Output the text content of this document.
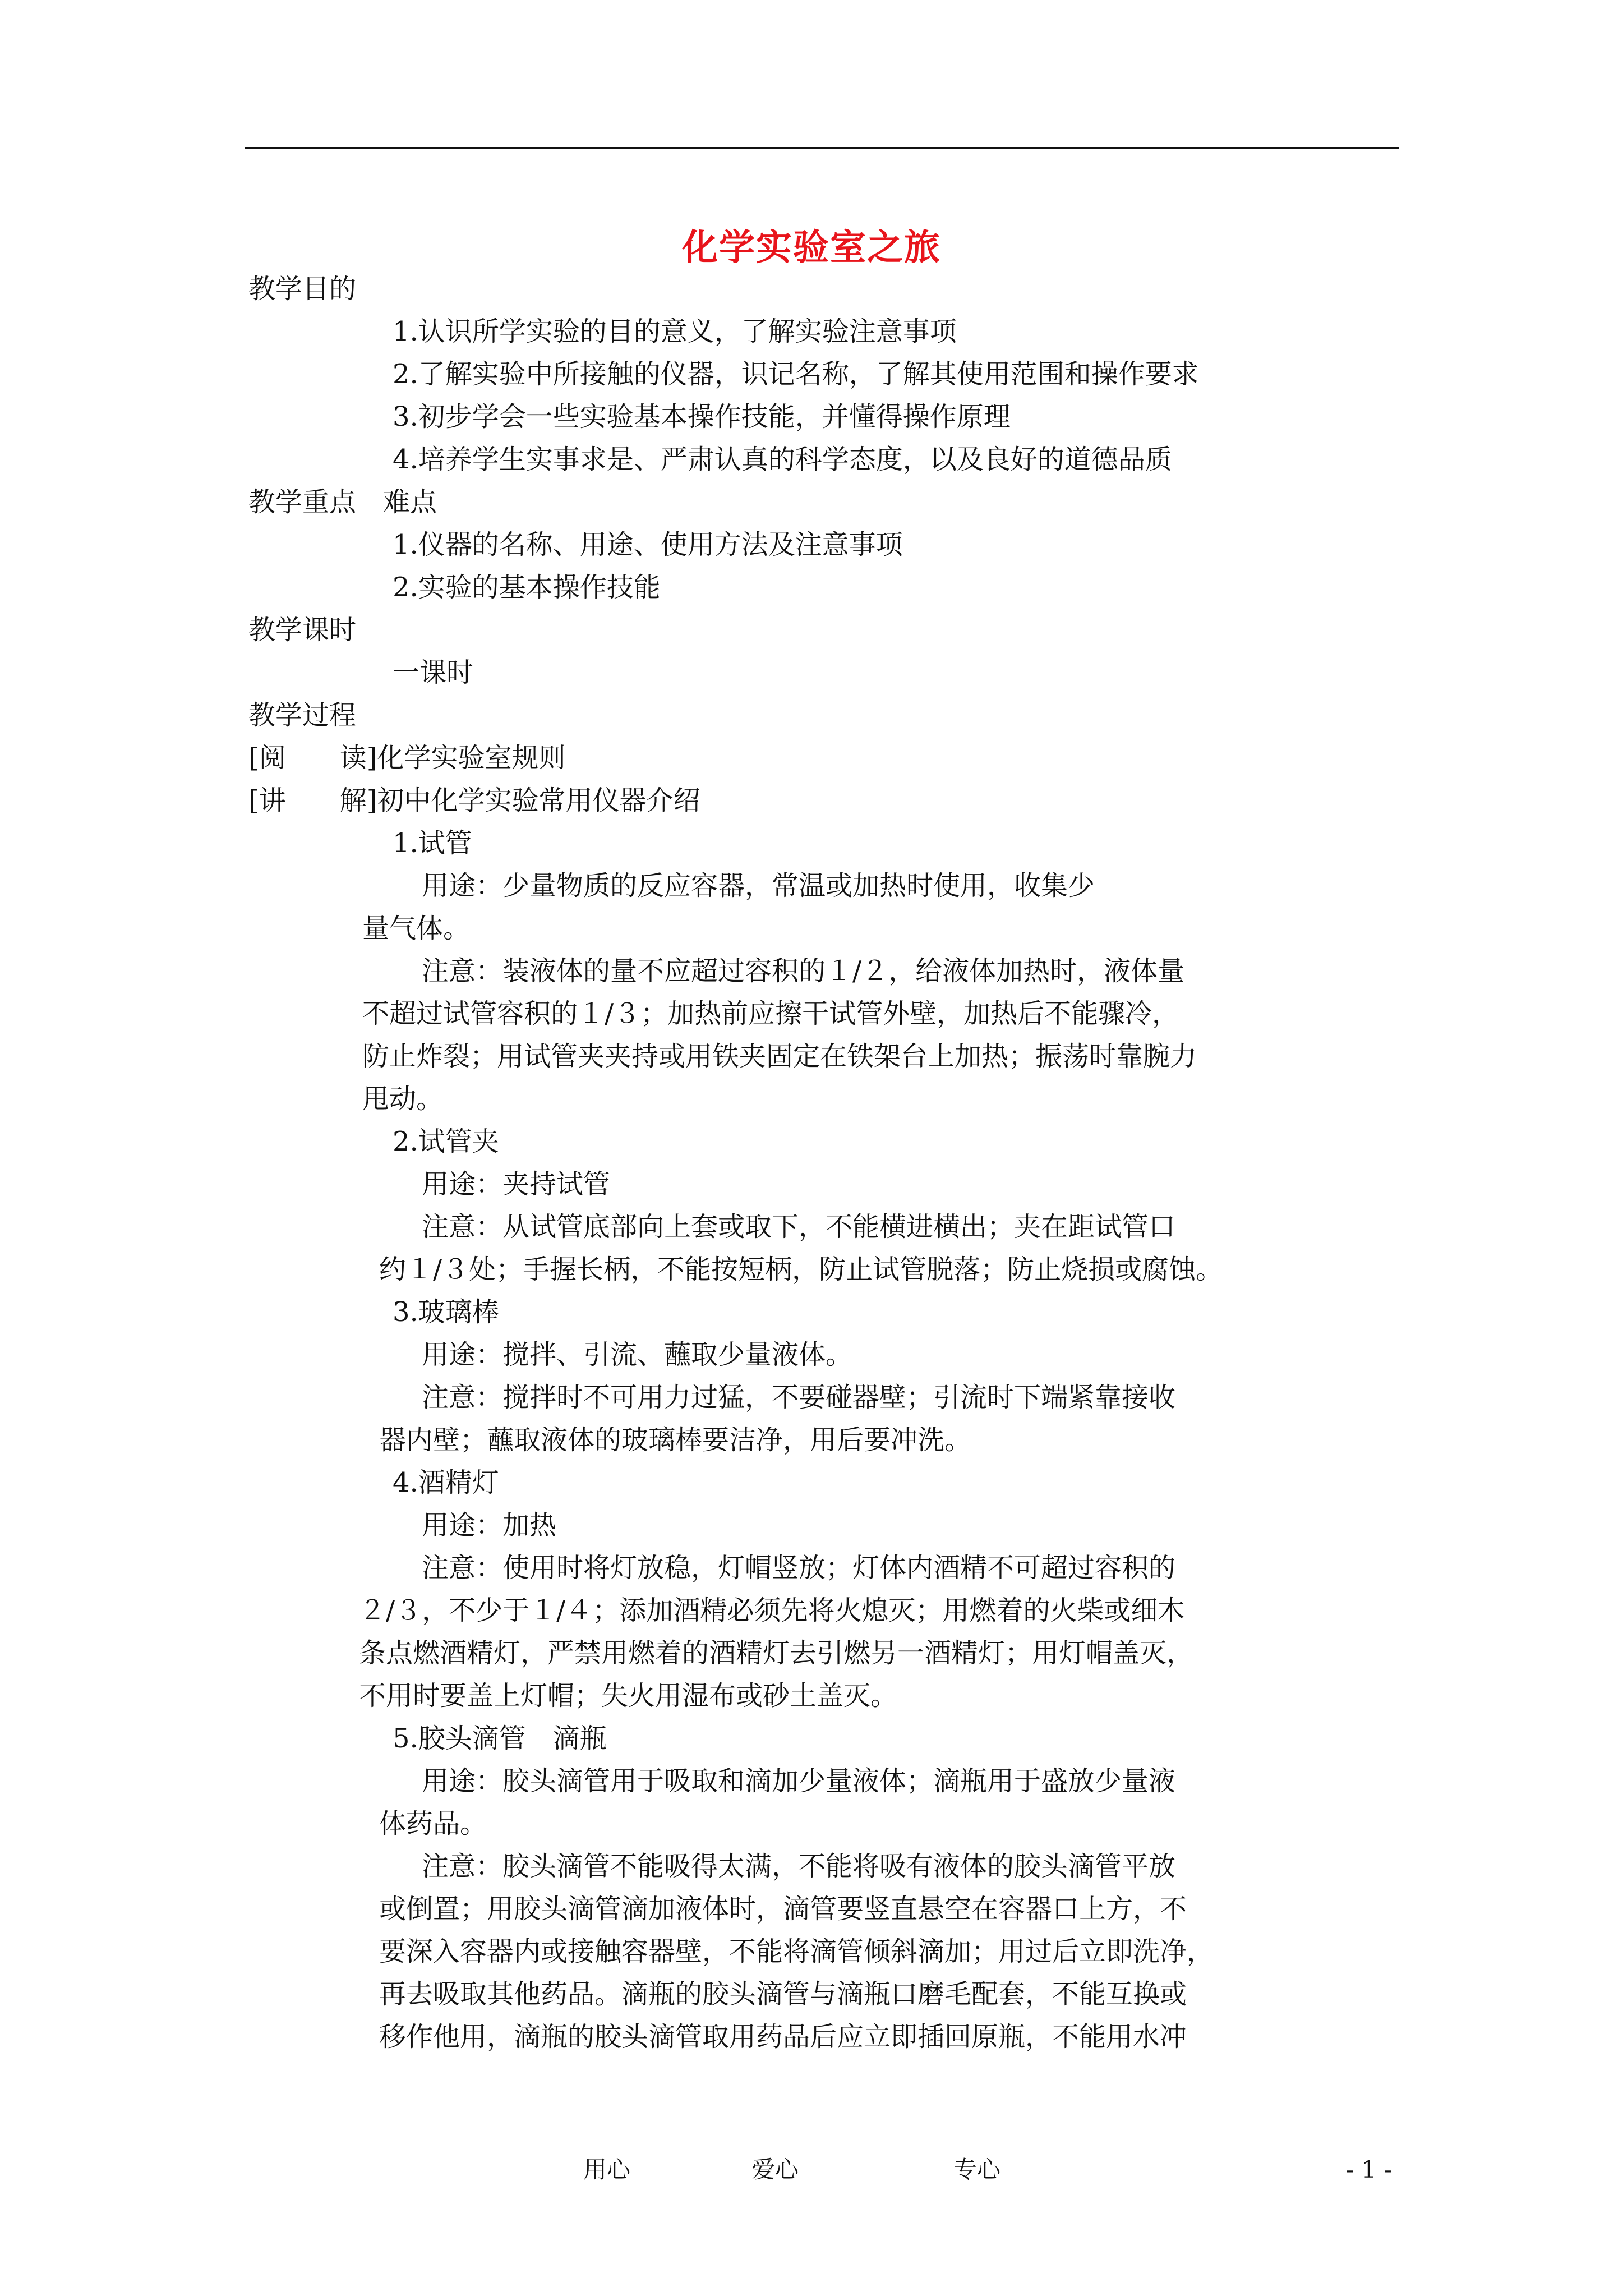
化学实验室之旅
教学目的
1.认识所学实验的目的意义，了解实验注意事项
2.了解实验中所接触的仪器，识记名称，了解其使用范围和操作要求
3.初步学会一些实验基本操作技能，并懂得操作原理
4.培养学生实事求是、严肃认真的科学态度，以及良好的道德品质
教学重点　难点
1.仪器的名称、用途、使用方法及注意事项
2.实验的基本操作技能
教学课时
一课时
教学过程
[阅　　读]化学实验室规则
[讲　　解]初中化学实验常用仪器介绍
1.试管
用途：少量物质的反应容器，常温或加热时使用，收集少
量气体。
注意：装液体的量不应超过容积的１/２，给液体加热时，液体量
不超过试管容积的１/３；加热前应擦干试管外壁，加热后不能骤冷，
防止炸裂；用试管夹夹持或用铁夹固定在铁架台上加热；振荡时靠腕力
甩动。
2.试管夹
用途：夹持试管
注意：从试管底部向上套或取下，不能横进横出；夹在距试管口
约１/３处；手握长柄，不能按短柄，防止试管脱落；防止烧损或腐蚀。
3.玻璃棒
用途：搅拌、引流、蘸取少量液体。
注意：搅拌时不可用力过猛，不要碰器壁；引流时下端紧靠接收
器内壁；蘸取液体的玻璃棒要洁净，用后要冲洗。
4.酒精灯
用途：加热
注意：使用时将灯放稳，灯帽竖放；灯体内酒精不可超过容积的
２/３，不少于１/４；添加酒精必须先将火熄灭；用燃着的火柴或细木
条点燃酒精灯，严禁用燃着的酒精灯去引燃另一酒精灯；用灯帽盖灭，
不用时要盖上灯帽；失火用湿布或砂土盖灭。
5.胶头滴管　滴瓶
用途：胶头滴管用于吸取和滴加少量液体；滴瓶用于盛放少量液
体药品。
注意：胶头滴管不能吸得太满，不能将吸有液体的胶头滴管平放
或倒置；用胶头滴管滴加液体时，滴管要竖直悬空在容器口上方，不
要深入容器内或接触容器壁，不能将滴管倾斜滴加；用过后立即洗净，
再去吸取其他药品。滴瓶的胶头滴管与滴瓶口磨毛配套，不能互换或
移作他用，滴瓶的胶头滴管取用药品后应立即插回原瓶，不能用水冲
用心	爱心	专心	- 1 -
